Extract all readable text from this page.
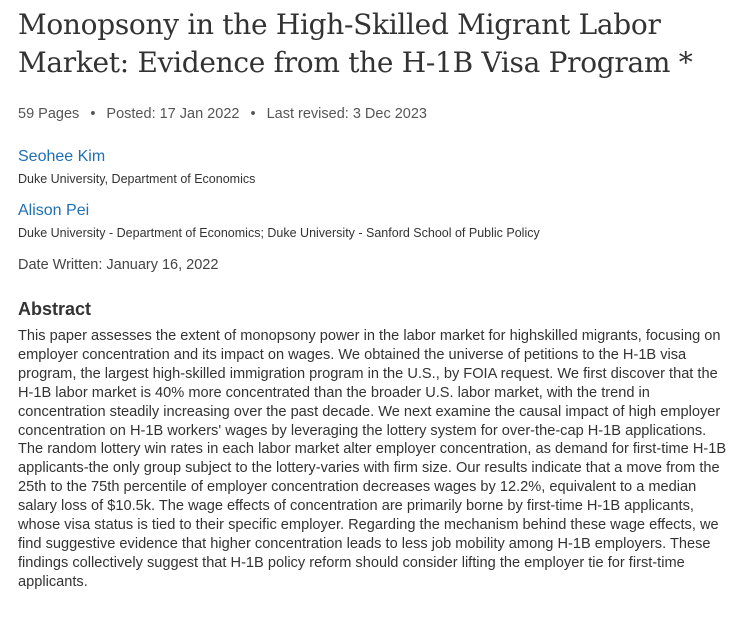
Monopsony in the High-Skilled Migrant Labor Market: Evidence from the H-1B Visa Program *
59 Pages • Posted: 17 Jan 2022 • Last revised: 3 Dec 2023
Seohee Kim
Duke University, Department of Economics
Alison Pei
Duke University - Department of Economics; Duke University - Sanford School of Public Policy
Date Written: January 16, 2022
Abstract
This paper assesses the extent of monopsony power in the labor market for highskilled migrants, focusing on employer concentration and its impact on wages. We obtained the universe of petitions to the H-1B visa program, the largest high-skilled immigration program in the U.S., by FOIA request. We first discover that the H-1B labor market is 40% more concentrated than the broader U.S. labor market, with the trend in concentration steadily increasing over the past decade. We next examine the causal impact of high employer concentration on H-1B workers' wages by leveraging the lottery system for over-the-cap H-1B applications. The random lottery win rates in each labor market alter employer concentration, as demand for first-time H-1B applicants-the only group subject to the lottery-varies with firm size. Our results indicate that a move from the 25th to the 75th percentile of employer concentration decreases wages by 12.2%, equivalent to a median salary loss of $10.5k. The wage effects of concentration are primarily borne by first-time H-1B applicants, whose visa status is tied to their specific employer. Regarding the mechanism behind these wage effects, we find suggestive evidence that higher concentration leads to less job mobility among H-1B employers. These findings collectively suggest that H-1B policy reform should consider lifting the employer tie for first-time applicants.
